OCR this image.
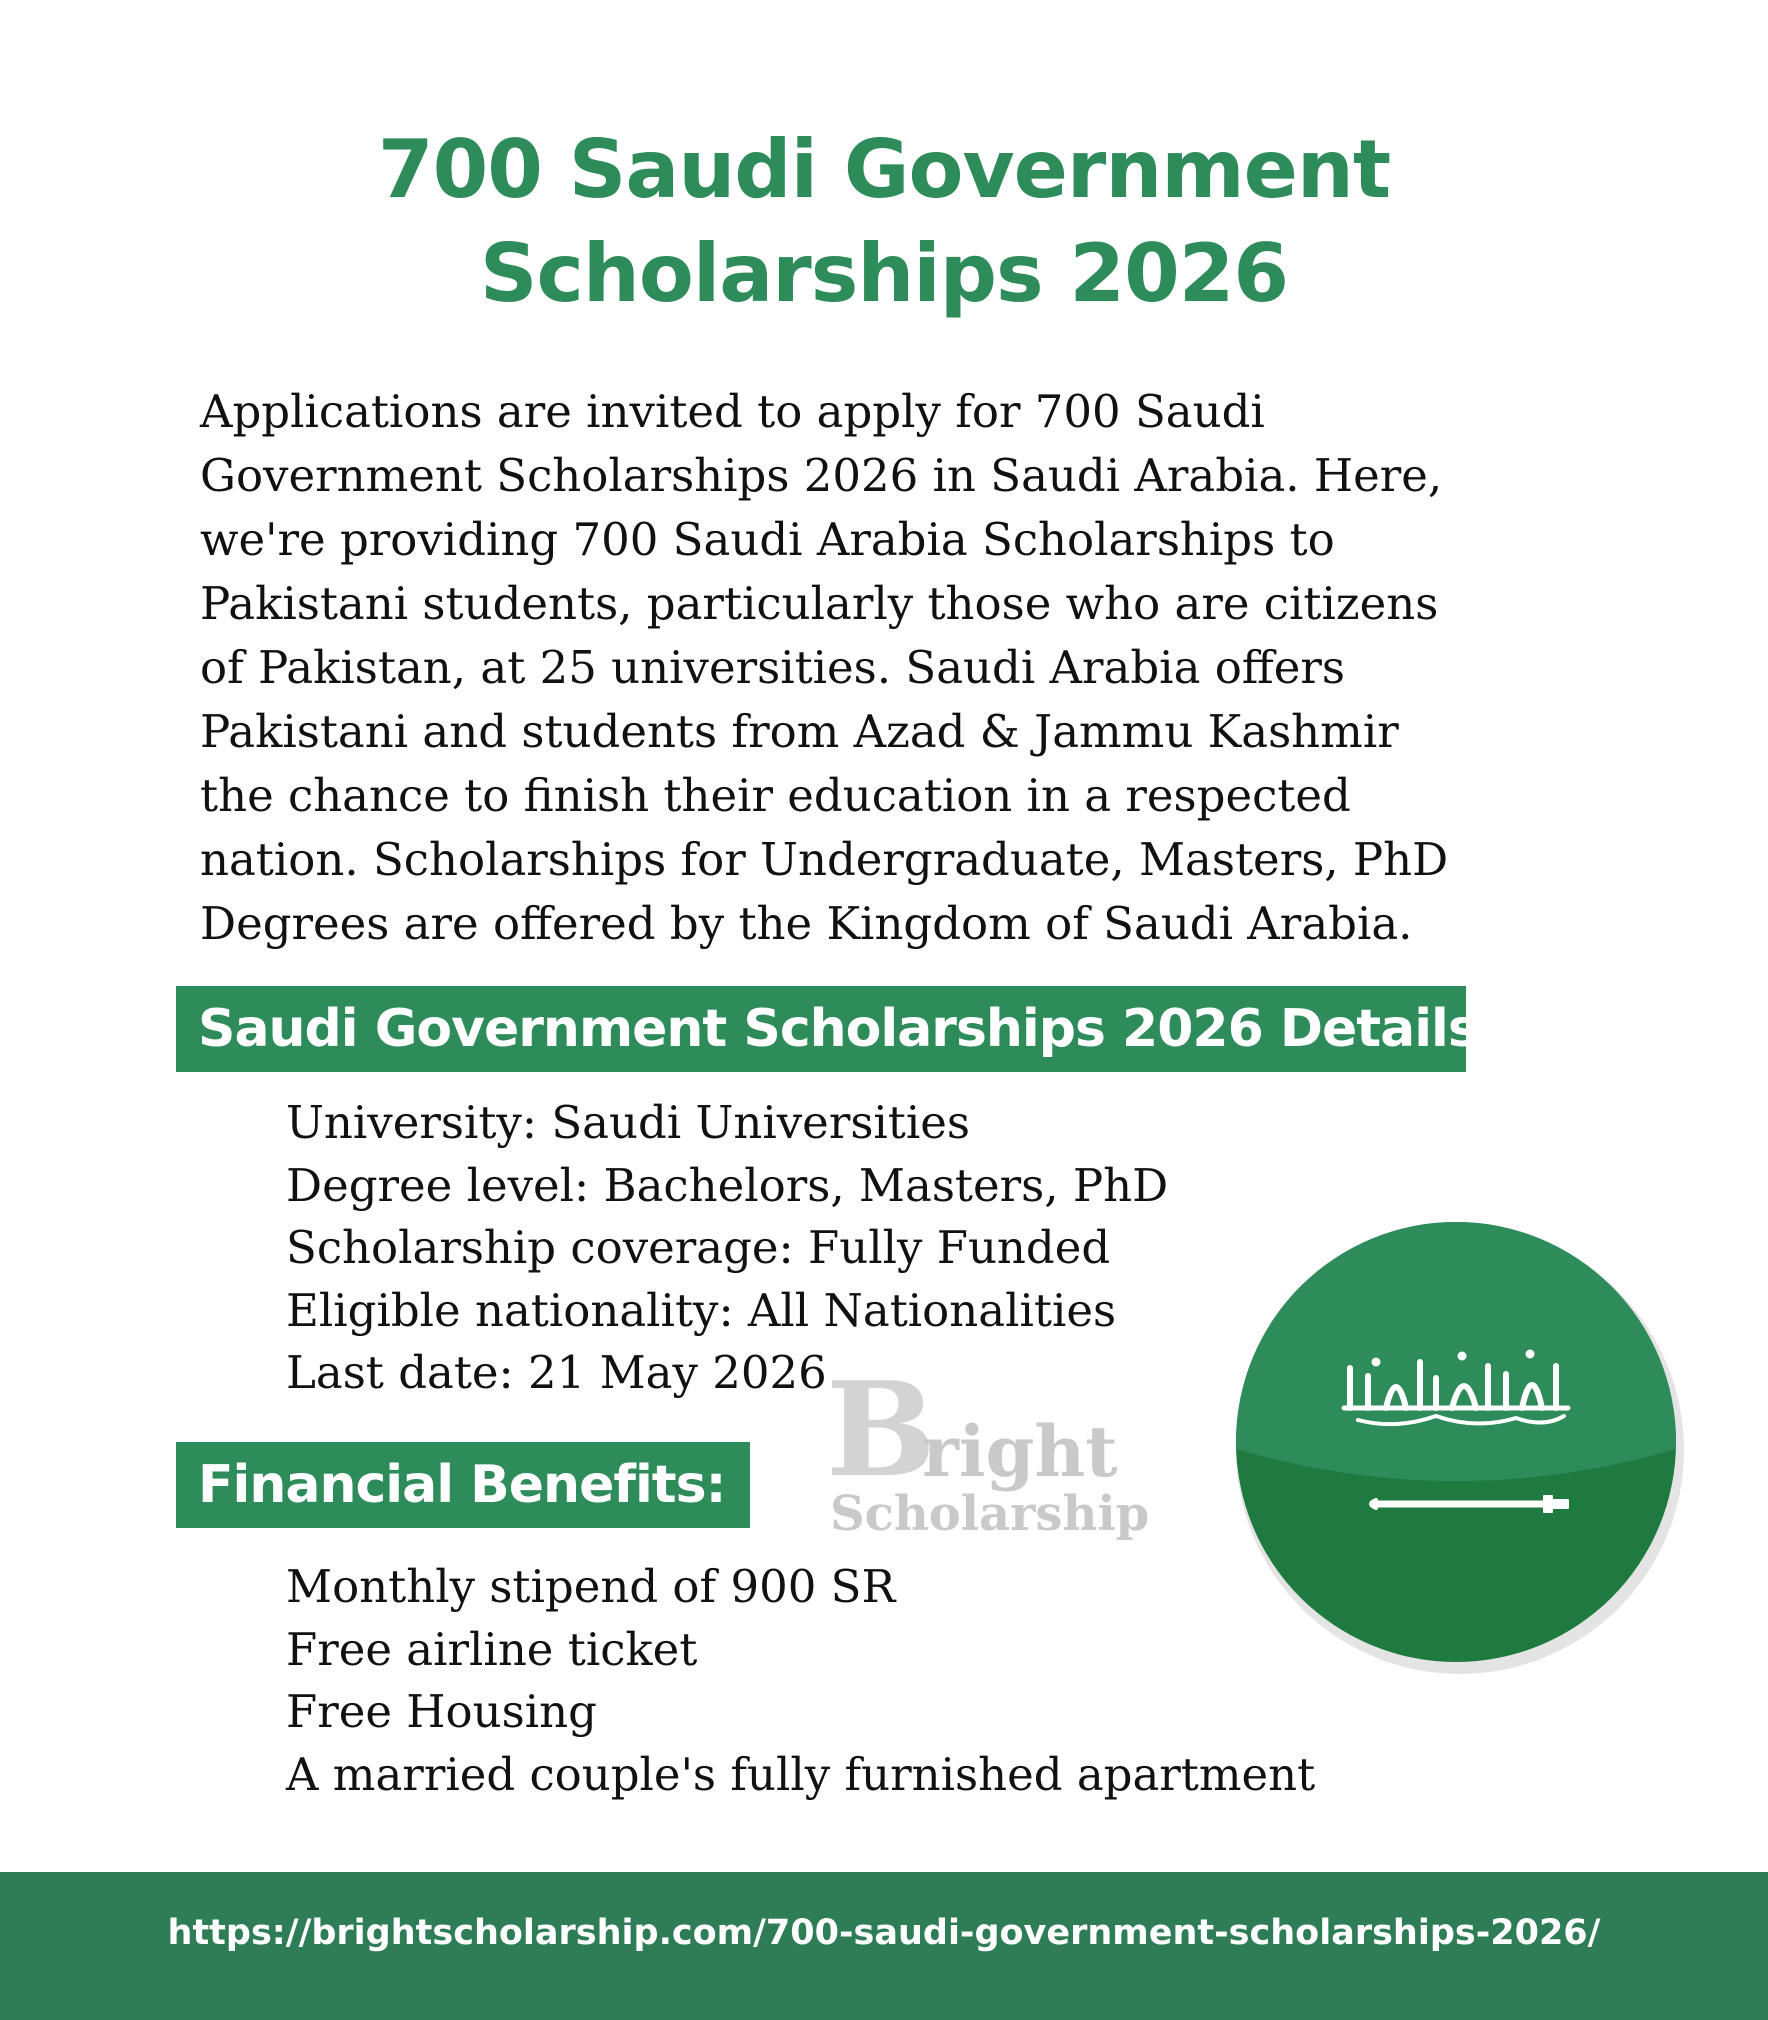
700 Saudi Government
Scholarships 2026
Applications are invited to apply for 700 Saudi
Government Scholarships 2026 in Saudi Arabia. Here,
we're providing 700 Saudi Arabia Scholarships to
Pakistani students, particularly those who are citizens
of Pakistan, at 25 universities. Saudi Arabia offers
Pakistani and students from Azad & Jammu Kashmir
the chance to finish their education in a respected
nation. Scholarships for Undergraduate, Masters, PhD
Degrees are offered by the Kingdom of Saudi Arabia.
Saudi Government Scholarships 2026 Details:
University: Saudi Universities
Degree level: Bachelors, Masters, PhD
Scholarship coverage: Fully Funded
Eligible nationality: All Nationalities
Last date: 21 May 2026 B
right
Scholarship
Financial Benefits:
Monthly stipend of 900 SR
Free airline ticket
Free Housing
A married couple's fully furnished apartment
https://brightscholarship.com/700-saudi-government-scholarships-2026/
